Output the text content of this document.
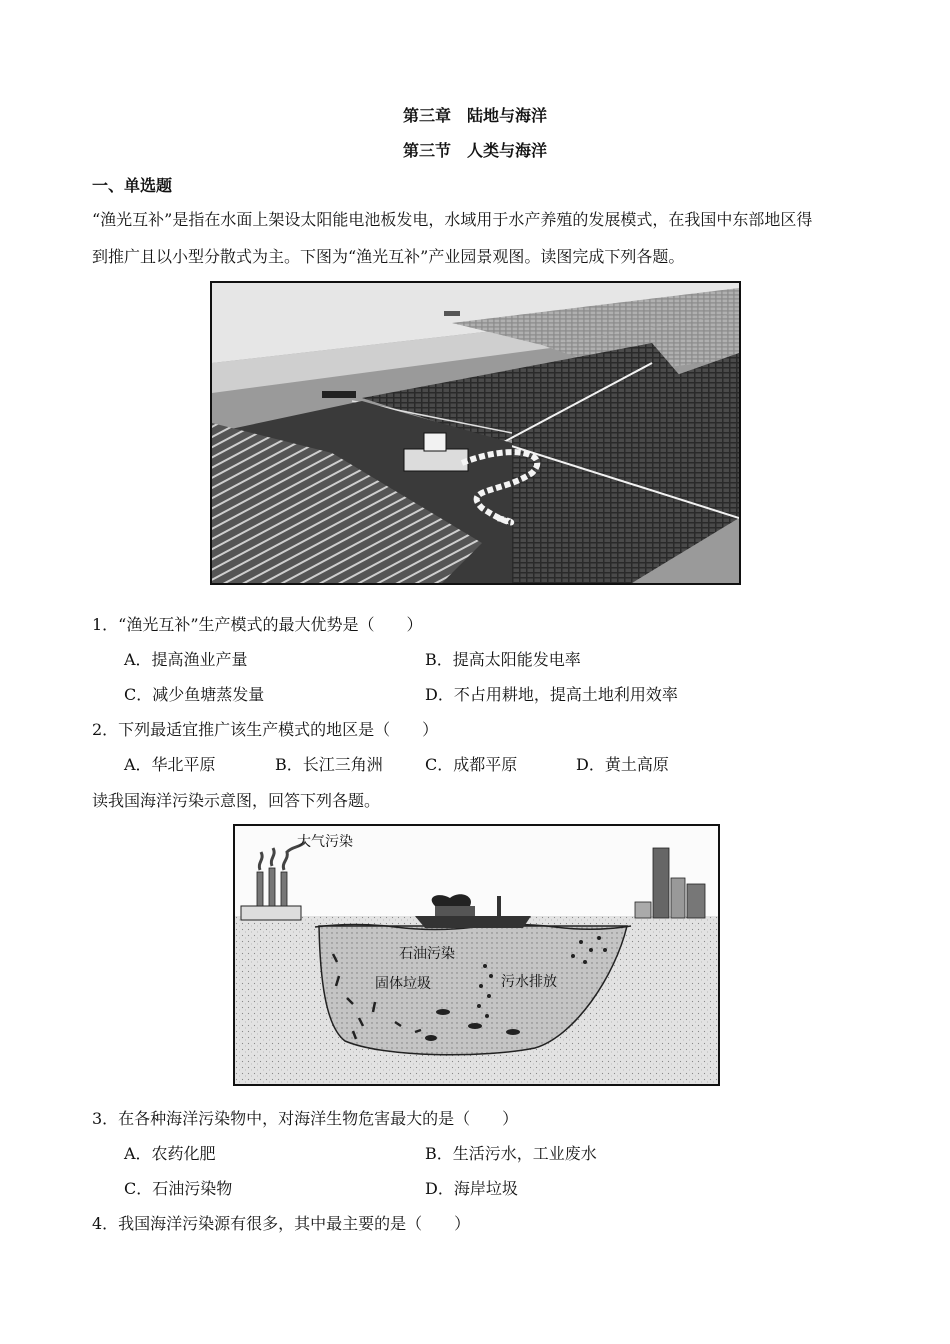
第三章　陆地与海洋
第三节　人类与海洋
一、单选题
“渔光互补”是指在水面上架设太阳能电池板发电，水域用于水产养殖的发展模式，在我国中东部地区得
到推广且以小型分散式为主。下图为“渔光互补”产业园景观图。读图完成下列各题。
1．“渔光互补”生产模式的最大优势是（　　）
A．提高渔业产量	B．提高太阳能发电率
C．减少鱼塘蒸发量	D．不占用耕地，提高土地利用效率
2．下列最适宜推广该生产模式的地区是（　　）
A．华北平原	B．长江三角洲	C．成都平原	D．黄土高原
读我国海洋污染示意图，回答下列各题。
大气污染
石油污染
固体垃圾	污水排放
3．在各种海洋污染物中，对海洋生物危害最大的是（　　）
A．农药化肥	B．生活污水，工业废水
C．石油污染物	D．海岸垃圾
4．我国海洋污染源有很多，其中最主要的是（　　）
